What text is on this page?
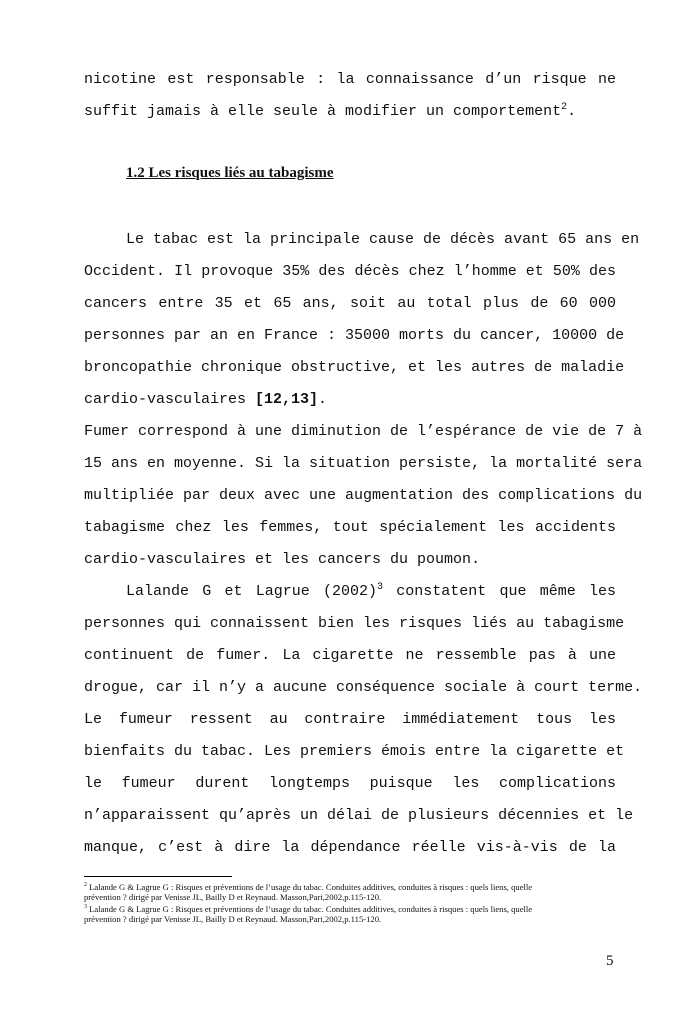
nicotine est responsable : la connaissance d’un risque ne
suffit jamais à elle seule à modifier un comportement$^2$.
1.2 Les risques liés au tabagisme
Le tabac est la principale cause de décès avant 65 ans en
Occident. Il provoque 35% des décès chez l’homme et 50% des
cancers entre 35 et 65 ans, soit au total plus de 60 000
personnes par an en France : 35000 morts du cancer, 10000 de
broncopathie chronique obstructive, et les autres de maladie
cardio-vasculaires [12,13].
Fumer correspond à une diminution de l’espérance de vie de 7 à
15 ans en moyenne. Si la situation persiste, la mortalité sera
multipliée par deux avec une augmentation des complications du
tabagisme chez les femmes, tout spécialement les accidents
cardio-vasculaires et les cancers du poumon.
Lalande G et Lagrue $(2002)^3$ constatent que même les
personnes qui connaissent bien les risques liés au tabagisme
continuent de fumer. La cigarette ne ressemble pas à une
drogue, car il n’y a aucune conséquence sociale à court terme.
Le fumeur ressent au contraire immédiatement tous les
bienfaits du tabac. Les premiers émois entre la cigarette et
le fumeur durent longtemps puisque les complications
n’apparaissent qu’après un délai de plusieurs décennies et le
manque, c’est à dire la dépendance réelle vis-à-vis de la
$^2$ Lalande G & Lagrue G : Risques et préventions de l’usage du tabac. Conduites additives, conduites à risques : quels liens, quelle
prévention ? dirigé par Venisse JL, Bailly D et Reynaud. Masson,Pari,2002,p.115-120.
$^3$ Lalande G & Lagrue G : Risques et préventions de l’usage du tabac. Conduites additives, conduites à risques : quels liens, quelle
prévention ? dirigé par Venisse JL, Bailly D et Reynaud. Masson,Pari,2002,p.115-120.
5
